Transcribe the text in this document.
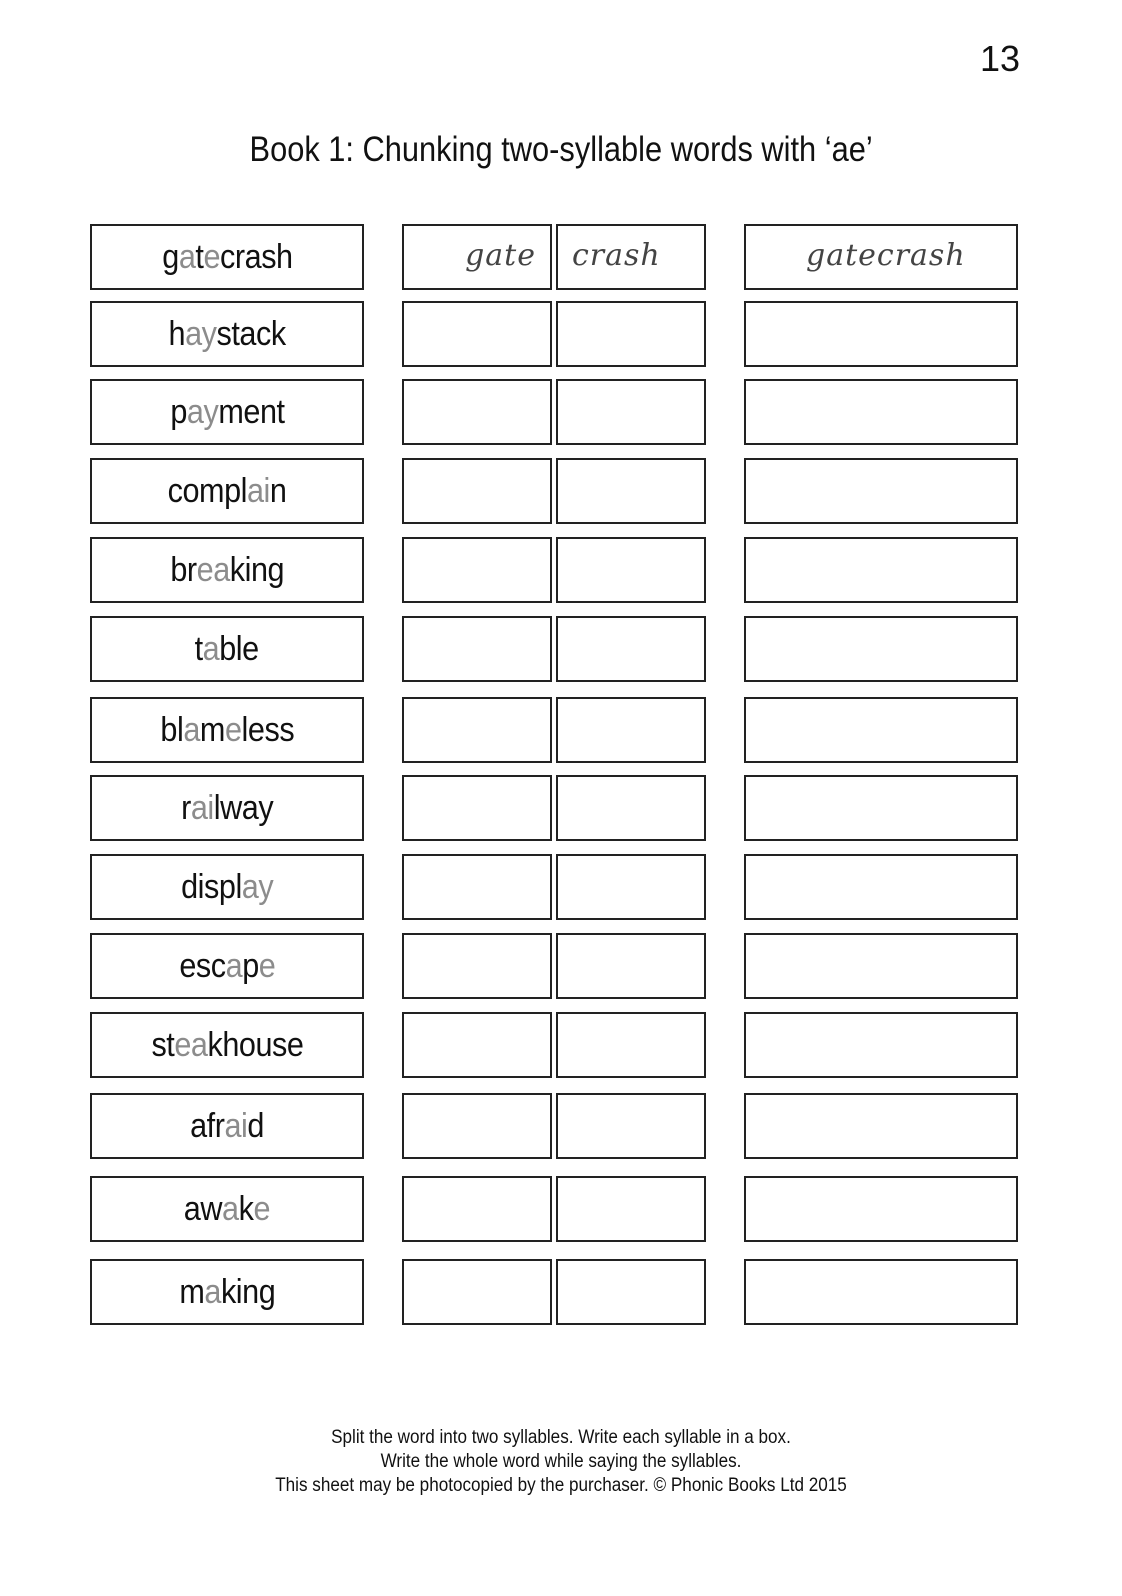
13
Book 1: Chunking two-syllable words with ‘ae’
gatecrash	gate crash	gatecrash
haystack
payment
complain
breaking
table
blameless
railway
display
escape
steakhouse
afraid
awake
making
Split the word into two syllables. Write each syllable in a box.
Write the whole word while saying the syllables.
This sheet may be photocopied by the purchaser. © Phonic Books Ltd 2015
